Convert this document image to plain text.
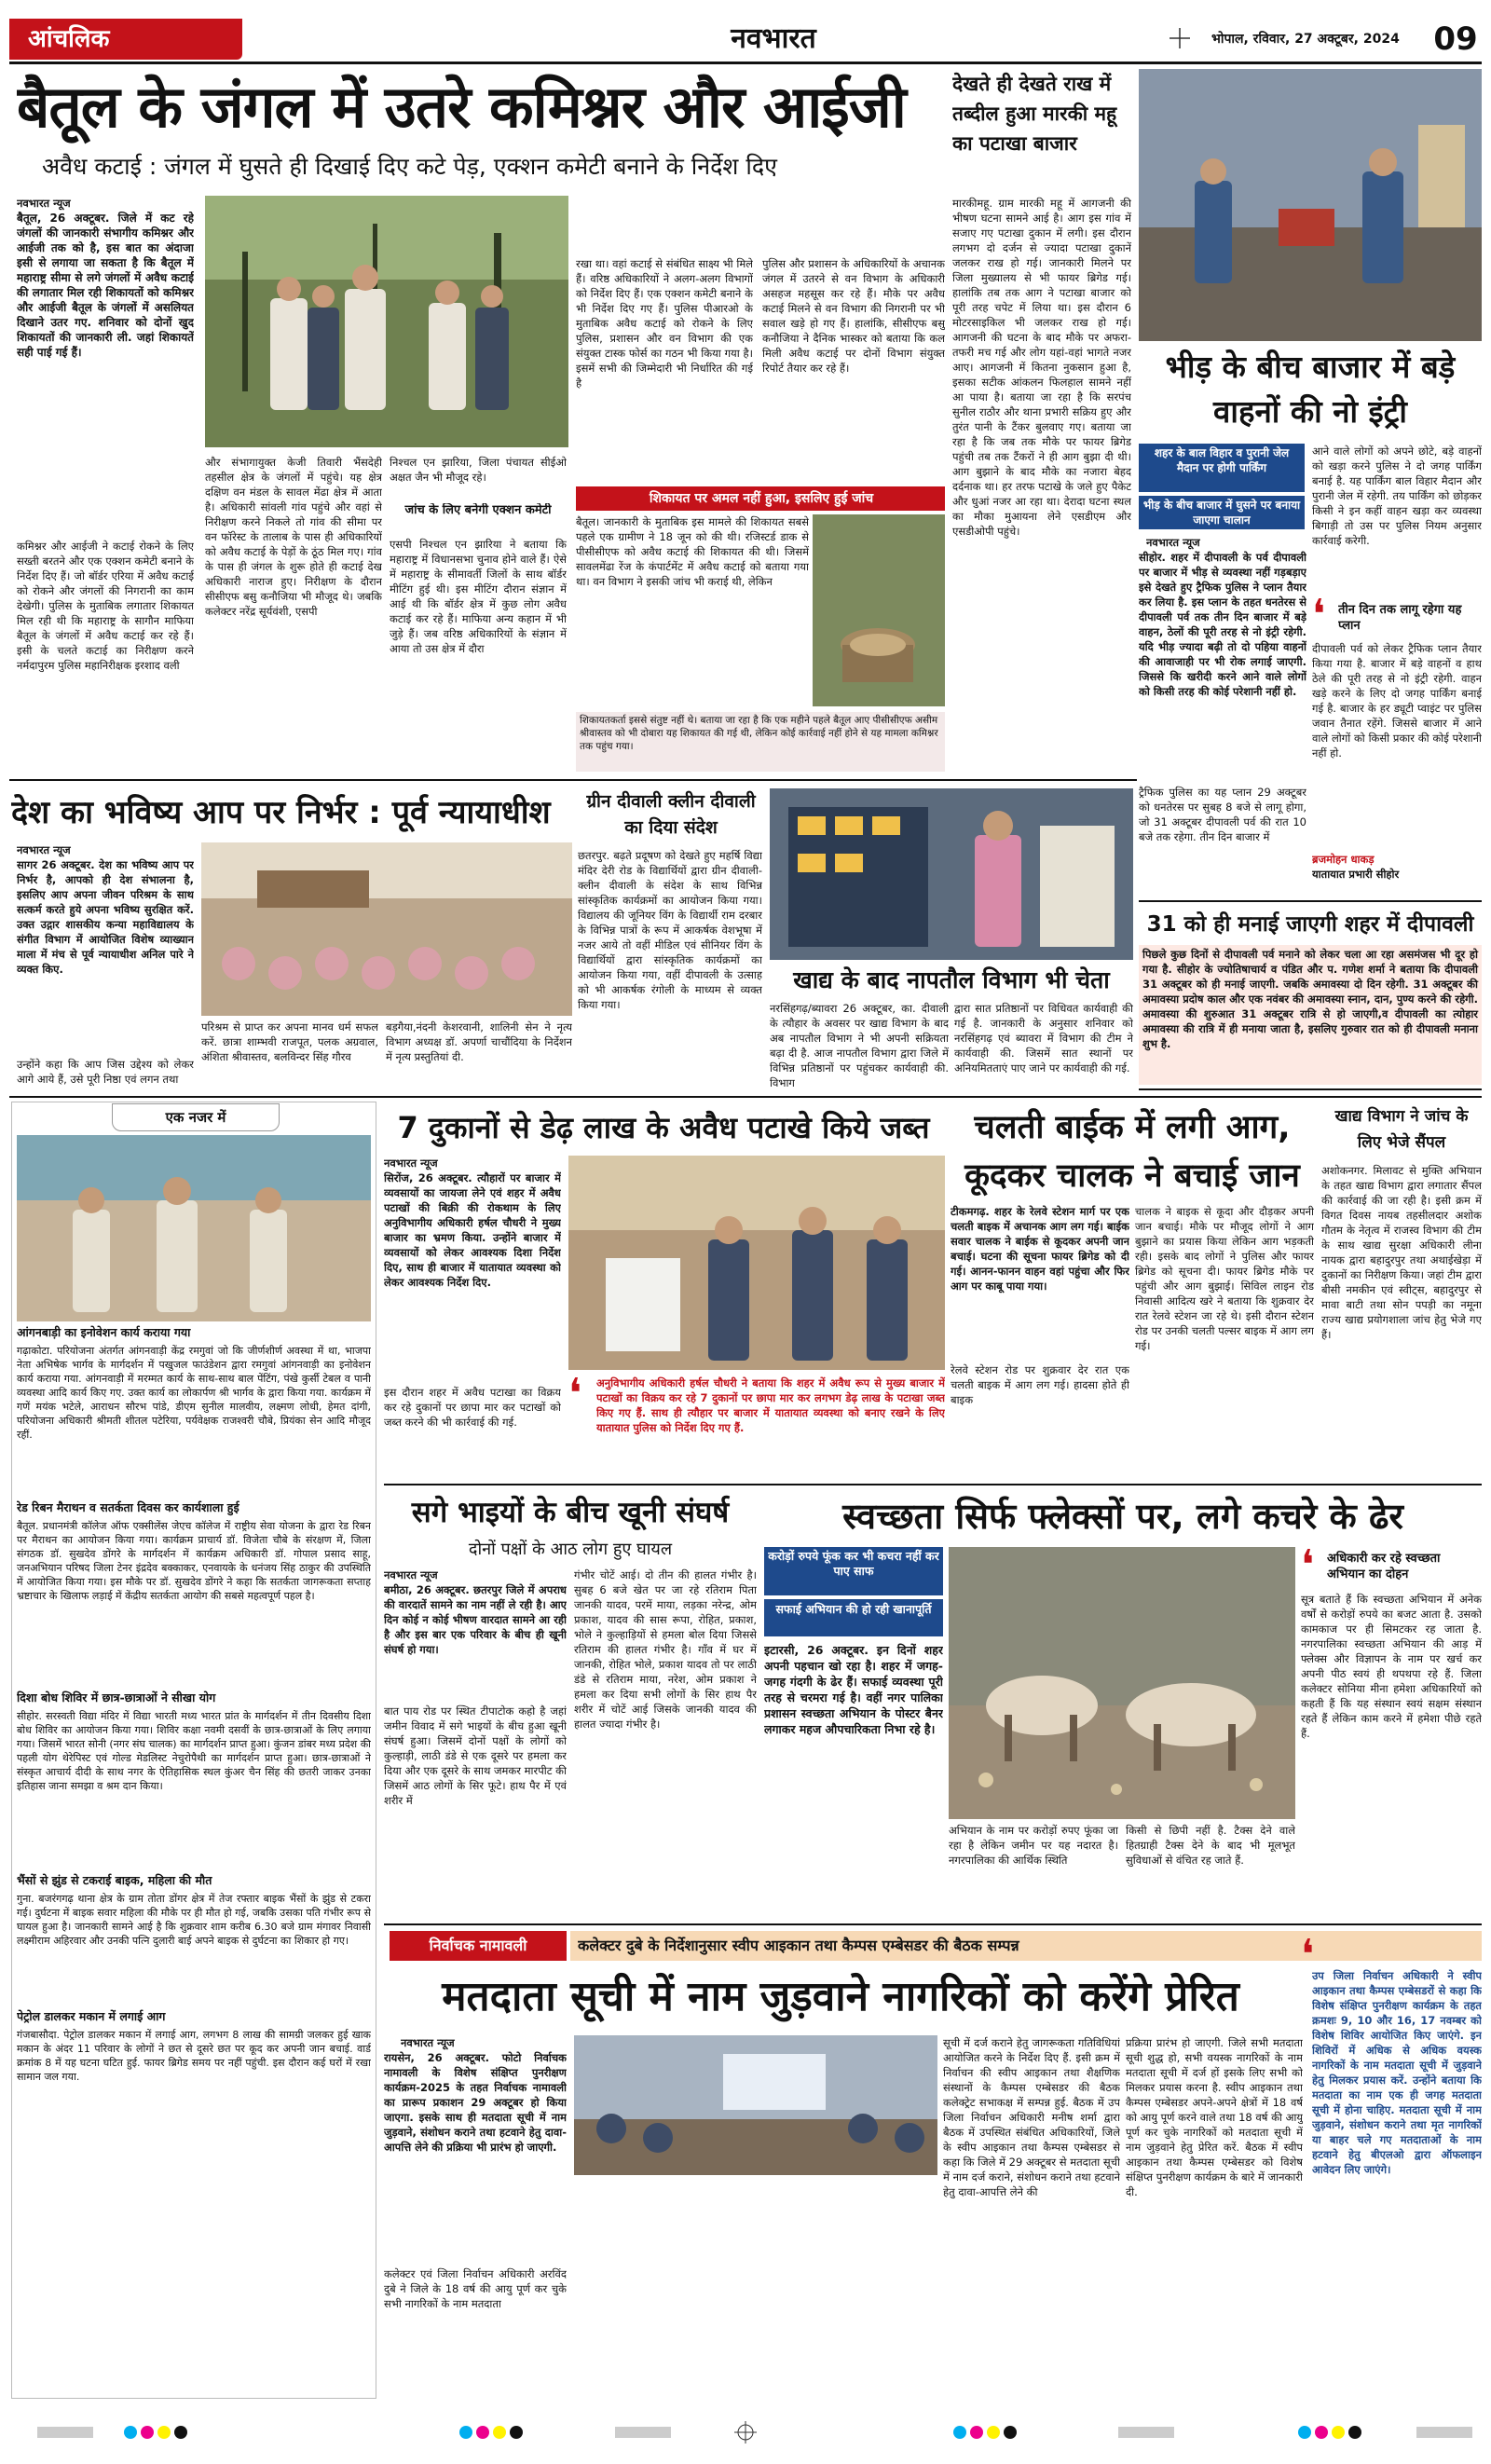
आंचलिक	नवभारत	भोपाल, रविवार, 27 अक्टूबर, 2024	09
बैतूल के जंगल में उतरे कमिश्नर और आईजी
अवैध कटाई : जंगल में घुसते ही दिखाई दिए कटे पेड़, एक्शन कमेटी बनाने के निर्देश दिए
नवभारत न्यूज
बैतूल, 26 अक्टूबर. जिले में कट रहे जंगलों की जानकारी संभागीय कमिश्नर और आईजी तक को है, इस बात का अंदाजा इसी से लगाया जा सकता है कि बैतूल में महाराष्ट्र सीमा से लगे जंगलों में अवैध कटाई की लगातार मिल रही शिकायतों को कमिश्नर और आईजी बैतूल के जंगलों में असलियत दिखाने उतर गए. शनिवार को दोनों खुद शिकायतों की जानकारी ली. जहां शिकायतें सही पाई गई हैं।
कमिश्नर और आईजी ने कटाई रोकने के लिए सख्ती बरतने और एक एक्शन कमेटी बनाने के निर्देश दिए हैं। जो बॉर्डर एरिया में अवैध कटाई को रोकने और जंगलों की निगरानी का काम देखेगी। पुलिस के मुताबिक लगातार शिकायत मिल रही थी कि महाराष्ट्र के सागौन माफिया बैतूल के जंगलों में अवैध कटाई कर रहे हैं। इसी के चलते कटाई का निरीक्षण करने नर्मदापुरम पुलिस महानिरीक्षक इरशाद वली
और संभागायुक्त केजी तिवारी भैंसदेही तहसील क्षेत्र के जंगलों में पहुंचे। यह क्षेत्र दक्षिण वन मंडल के सावल मेंढा क्षेत्र में आता है। अधिकारी सांवली गांव पहुंचे और वहां से निरीक्षण करने निकले तो गांव की सीमा पर वन फॉरेस्ट के तालाब के पास ही अधिकारियों को अवैध कटाई के पेड़ों के ठूंठ मिल गए। गांव के पास ही जंगल के शुरू होते ही कटाई देख अधिकारी नाराज हुए। निरीक्षण के दौरान सीसीएफ बसु कनौजिया भी मौजूद थे। जबकि कलेक्टर नरेंद्र सूर्यवंशी, एसपी
निश्चल एन झारिया, जिला पंचायत सीईओ अक्षत जैन भी मौजूद रहे।
जांच के लिए बनेगी एक्शन कमेटी
एसपी निश्चल एन झारिया ने बताया कि महाराष्ट्र में विधानसभा चुनाव होने वाले हैं। ऐसे में महाराष्ट्र के सीमावर्ती जिलों के साथ बॉर्डर मीटिंग हुई थी। इस मीटिंग दौरान संज्ञान में आई थी कि बॉर्डर क्षेत्र में कुछ लोग अवैध कटाई कर रहे हैं। माफिया अन्य कहान में भी जुड़े हैं। जब वरिष्ठ अधिकारियों के संज्ञान में आया तो उस क्षेत्र में दौरा
रखा था। वहां कटाई से संबंधित साक्ष्य भी मिले हैं। वरिष्ठ अधिकारियों ने अलग-अलग विभागों को निर्देश दिए हैं। एक एक्शन कमेटी बनाने के भी निर्देश दिए गए हैं। पुलिस पीआरओ के मुताबिक अवैध कटाई को रोकने के लिए पुलिस, प्रशासन और वन विभाग की एक संयुक्त टास्क फोर्स का गठन भी किया गया है। इसमें सभी की जिम्मेदारी भी निर्धारित की गई है
पुलिस और प्रशासन के अधिकारियों के अचानक जंगल में उतरने से वन विभाग के अधिकारी असहज महसूस कर रहे हैं। मौके पर अवैध कटाई मिलने से वन विभाग की निगरानी पर भी सवाल खड़े हो गए हैं। हालांकि, सीसीएफ बसु कनौजिया ने दैनिक भास्कर को बताया कि कल मिली अवैध कटाई पर दोनों विभाग संयुक्त रिपोर्ट तैयार कर रहे हैं।
शिकायत पर अमल नहीं हुआ, इसलिए हुई जांच
बैतूल। जानकारी के मुताबिक इस मामले की शिकायत सबसे पहले एक ग्रामीण ने 18 जून को की थी। रजिस्टर्ड डाक से पीसीसीएफ को अवैध कटाई की शिकायत की थी। जिसमें सावलमेंढा रेंज के कंपार्टमेंट में अवैध कटाई को बताया गया था। वन विभाग ने इसकी जांच भी कराई थी, लेकिन
शिकायतकर्ता इससे संतुष्ट नहीं थे। बताया जा रहा है कि एक महीने पहले बैतूल आए पीसीसीएफ असीम श्रीवास्तव को भी दोबारा यह शिकायत की गई थी, लेकिन कोई कार्रवाई नहीं होने से यह मामला कमिश्नर तक पहुंच गया।
देखते ही देखते राख में तब्दील हुआ मारकी महू का पटाखा बाजार
मारकीमहू. ग्राम मारकी महू में आगजनी की भीषण घटना सामने आई है। आग इस गांव में सजाए गए पटाखा दुकान में लगी। इस दौरान लगभग दो दर्जन से ज्यादा पटाखा दुकानें जलकर राख हो गई। जानकारी मिलने पर जिला मुख्यालय से भी फायर ब्रिगेड गई। हालांकि तब तक आग ने पटाखा बाजार को पूरी तरह चपेट में लिया था। इस दौरान 6 मोटरसाइकिल भी जलकर राख हो गई। आगजनी की घटना के बाद मौके पर अफरा-तफरी मच गई और लोग यहां-वहां भागते नजर आए। आगजनी में कितना नुकसान हुआ है, इसका सटीक आंकलन फिलहाल सामने नहीं आ पाया है। बताया जा रहा है कि सरपंच सुनील राठौर और थाना प्रभारी सक्रिय हुए और तुरंत पानी के टैंकर बुलवाए गए। बताया जा रहा है कि जब तक मौके पर फायर ब्रिगेड पहुंची तब तक टैंकरों ने ही आग बुझा दी थी। आग बुझाने के बाद मौके का नजारा बेहद दर्दनाक था। हर तरफ पटाखे के जले हुए पैकेट और धुआं नजर आ रहा था। देरादा घटना स्थल का मौका मुआयना लेने एसडीएम और एसडीओपी पहुंचे।
भीड़ के बीच बाजार में बड़े वाहनों की नो इंट्री
शहर के बाल विहार व पुरानी जेल मैदान पर होगी पार्किंग
भीड़ के बीच बाजार में घुसने पर बनाया जाएगा चालान
नवभारत न्यूज
सीहोर. शहर में दीपावली के पर्व दीपावली पर बाजार में भीड़ से व्यवस्था नहीं गड़बड़ाए इसे देखते हुए ट्रैफिक पुलिस ने प्लान तैयार कर लिया है. इस प्लान के तहत धनतेरस से दीपावली पर्व तक तीन दिन बाजार में बड़े वाहन, ठेलों की पूरी तरह से नो इंट्री रहेगी. यदि भीड़ ज्यादा बढ़ी तो दो पहिया वाहनों की आवाजाही पर भी रोक लगाई जाएगी. जिससे कि खरीदी करने आने वाले लोगों को किसी तरह की कोई परेशानी नहीं हो.
ट्रैफिक पुलिस का यह प्लान 29 अक्टूबर को धनतेरस पर सुबह 8 बजे से लागू होगा, जो 31 अक्टूबर दीपावली पर्व की रात 10 बजे तक रहेगा. तीन दिन बाजार में
आने वाले लोगों को अपने छोटे, बड़े वाहनों को खड़ा करने पुलिस ने दो जगह पार्किंग बनाई है. यह पार्किंग बाल विहार मैदान और पुरानी जेल में रहेगी. तय पार्किंग को छोड़कर किसी ने इन कहीं वाहन खड़ा कर व्यवस्था बिगाड़ी तो उस पर पुलिस नियम अनुसार कार्रवाई करेगी.
❛	तीन दिन तक लागू रहेगा यह प्लान
दीपावली पर्व को लेकर ट्रैफिक प्लान तैयार किया गया है. बाजार में बड़े वाहनों व हाथ ठेले की पूरी तरह से नो इंट्री रहेगी. वाहन खड़े करने के लिए दो जगह पार्किंग बनाई गई है. बाजार के हर ड्यूटी प्वाइंट पर पुलिस जवान तैनात रहेंगे. जिससे बाजार में आने वाले लोगों को किसी प्रकार की कोई परेशानी नहीं हो.
ब्रजमोहन धाकड़
यातायात प्रभारी सीहोर
31 को ही मनाई जाएगी शहर में दीपावली
पिछले कुछ दिनों से दीपावली पर्व मनाने को लेकर चला आ रहा असमंजस भी दूर हो गया है. सीहोर के ज्योतिषाचार्य व पंडित और प. गणेश शर्मा ने बताया कि दीपावली 31 अक्टूबर को ही मनाई जाएगी. जबकि अमावस्या दो दिन रहेगी. 31 अक्टूबर की अमावस्या प्रदोष काल और एक नवंबर की अमावस्या स्नान, दान, पुण्य करने की रहेगी. अमावस्या की शुरुआत 31 अक्टूबर रात्रि से हो जाएगी,व दीपावली का त्योहार अमावस्या की रात्रि में ही मनाया जाता है, इसलिए गुरुवार रात को ही दीपावली मनाना शुभ है.
देश का भविष्य आप पर निर्भर : पूर्व न्यायाधीश
नवभारत न्यूज
सागर 26 अक्टूबर. देश का भविष्य आप पर निर्भर है, आपको ही देश संभालना है, इसलिए आप अपना जीवन परिश्रम के साथ सत्कर्म करते हुये अपना भविष्य सुरक्षित करें. उक्त उद्गार शासकीय कन्या महाविद्यालय के संगीत विभाग में आयोजित विशेष व्याख्यान माला में मंच से पूर्व न्यायाधीश अनिल पारे ने व्यक्त किए.
उन्होंने कहा कि आप जिस उद्देश्य को लेकर आगे आये हैं, उसे पूरी निष्ठा एवं लगन तथा
परिश्रम से प्राप्त कर अपना मानव धर्म सफल करें. छात्रा शाम्भवी राजपूत, पलक अग्रवाल, अंशिता श्रीवास्तव, बलविन्दर सिंह गौरव
बड़गैया,नंदनी केशरवानी, शालिनी सेन ने नृत्य विभाग अध्यक्ष डॉ. अपर्णा चाचौंदिया के निर्देशन में नृत्य प्रस्तुतियां दी.
ग्रीन दीवाली क्लीन दीवाली का दिया संदेश
छतरपुर. बढ़ते प्रदूषण को देखते हुए महर्षि विद्या मंदिर देरी रोड के विद्यार्थियों द्वारा ग्रीन दीवाली-क्लीन दीवाली के संदेश के साथ विभिन्न सांस्कृतिक कार्यक्रमों का आयोजन किया गया। विद्यालय की जूनियर विंग के विद्यार्थी राम दरबार के विभिन्न पात्रों के रूप में आकर्षक वेशभूषा में नजर आये तो वहीं मीडिल एवं सीनियर विंग के विद्यार्थियों द्वारा सांस्कृतिक कार्यक्रमों का आयोजन किया गया, वहीं दीपावली के उत्साह को भी आकर्षक रंगोली के माध्यम से व्यक्त किया गया।
खाद्य के बाद नापतौल विभाग भी चेता
नरसिंहगढ़/ब्यावरा 26 अक्टूबर, का. दीवाली के त्यौहार के अवसर पर खाद्य विभाग के बाद अब नापतौल विभाग ने भी अपनी सक्रियता बढ़ा दी है. आज नापतौल विभाग द्वारा जिले में विभिन्न प्रतिष्ठानों पर पहुंचकर कार्यवाही की. विभाग
द्वारा सात प्रतिष्ठानों पर विधिवत कार्यवाही की गई है. जानकारी के अनुसार शनिवार को नरसिंहगढ़ एवं ब्यावरा में विभाग की टीम ने कार्यवाही की. जिसमें सात स्थानों पर अनियमितताएं पाए जाने पर कार्यवाही की गई.
एक नजर में
आंगनबाड़ी का इनोवेशन कार्य कराया गया
गढ़ाकोटा. परियोजना अंतर्गत आंगनवाड़ी केंद्र रमगुवां जो कि जीर्णशीर्ण अवस्था में था, भाजपा नेता अभिषेक भार्गव के मार्गदर्शन में पखुजल फाउंडेशन द्वारा रमगुवां आंगनवाड़ी का इनोवेशन कार्य कराया गया. आंगनवाड़ी में मरम्मत कार्य के साथ-साथ बाल पेंटिंग, पंखे कुर्सी टेबल व पानी व्यवस्था आदि कार्य किए गए. उक्त कार्य का लोकार्पण श्री भार्गव के द्वारा किया गया. कार्यक्रम में गणें मयंक भटेले, आराधन सौरभ पांडे, डीएम सुनील मालवीय, लक्ष्मण लोधी, हेमत दांगी, परियोजना अधिकारी श्रीमती शीतल पटेरिया, पर्यवेक्षक राजश्वरी चौबे, प्रियंका सेन आदि मौजूद रहीं.
रेड रिबन मैराथन व सतर्कता दिवस कर कार्यशाला हुई
बैतूल. प्रधानमंत्री कॉलेज ऑफ एक्सीलेंस जेएच कॉलेज में राष्ट्रीय सेवा योजना के द्वारा रेड रिबन पर मैराथन का आयोजन किया गया। कार्यक्रम प्राचार्य डॉ. विजेता चौबे के संरक्षण में, जिला संगठक डॉ. सुखदेव डोंगरे के मार्गदर्शन में कार्यक्रम अधिकारी डॉ. गोपाल प्रसाद साहू, जनअभियान परिषद जिला टेनर इंद्रदेव बक्काकर, एनवायके के धनंजय सिंह ठाकुर की उपस्थिति में आयोजित किया गया। इस मौके पर डॉ. सुखदेव डोंगरे ने कहा कि सतर्कता जागरूकता सप्ताह भ्रष्टाचार के खिलाफ लड़ाई में केंद्रीय सतर्कता आयोग की सबसे महत्वपूर्ण पहल है।
दिशा बोध शिविर में छात्र-छात्राओं ने सीखा योग
सीहोर. सरस्वती विद्या मंदिर में विद्या भारती मध्य भारत प्रांत के मार्गदर्शन में तीन दिवसीय दिशा बोध शिविर का आयोजन किया गया। शिविर कक्षा नवमी दसवीं के छात्र-छात्राओं के लिए लगाया गया। जिसमें भारत सोनी (नगर संघ चालक) का मार्गदर्शन प्राप्त हुआ। कुंजन डांबर मध्य प्रदेश की पहली योग थेरेपिस्ट एवं गोल्ड मेडलिस्ट नेचुरोपैथी का मार्गदर्शन प्राप्त हुआ। छात्र-छात्राओं ने संस्कृत आचार्य दीदी के साथ नगर के ऐतिहासिक स्थल कुंअर चैन सिंह की छतरी जाकर उनका इतिहास जाना समझा व श्रम दान किया।
भैंसों से झुंड से टकराई बाइक, महिला की मौत
गुना. बजरंगगढ़ थाना क्षेत्र के ग्राम तोता डोंगर क्षेत्र में तेज रफ्तार बाइक भैंसों के झुंड से टकरा गई। दुर्घटना में बाइक सवार महिला की मौके पर ही मौत हो गई, जबकि उसका पति गंभीर रूप से घायल हुआ है। जानकारी सामने आई है कि शुक्रवार शाम करीब 6.30 बजे ग्राम मंगावर निवासी लक्ष्मीराम अहिरवार और उनकी पत्नि दुलारी बाई अपने बाइक से दुर्घटना का शिकार हो गए।
पेट्रोल डालकर मकान में लगाई आग
गंजबासौदा. पेट्रोल डालकर मकान में लगाई आग, लगभग 8 लाख की सामग्री जलकर हुई खाक मकान के अंदर 11 परिवार के लोगों ने छत से दूसरे छत पर कूद कर अपनी जान बचाई. वार्ड क्रमांक 8 में यह घटना घटित हुई. फायर ब्रिगेड समय पर नहीं पहुंची. इस दौरान कई घरों में रखा सामान जल गया.
7 दुकानों से डेढ़ लाख के अवैध पटाखे किये जब्त
नवभारत न्यूज
सिरोंज, 26 अक्टूबर. त्यौहारों पर बाजार में व्यवसायों का जायजा लेने एवं शहर में अवैध पटाखों की बिक्री की रोकथाम के लिए अनुविभागीय अधिकारी हर्षल चौधरी ने मुख्य बाजार का भ्रमण किया. उन्होंने बाजार में व्यवसायों को लेकर आवश्यक दिशा निर्देश दिए, साथ ही बाजार में यातायात व्यवस्था को लेकर आवश्यक निर्देश दिए.
इस दौरान शहर में अवैध पटाखा का विक्रय कर रहे दुकानों पर छापा मार कर पटाखों को जब्त करने की भी कार्रवाई की गई.
❛	अनुविभागीय अधिकारी हर्षल चौधरी ने बताया कि शहर में अवैध रूप से मुख्य बाजार में पटाखों का विक्रय कर रहे 7 दुकानों पर छापा मार कर लगभग डेढ़ लाख के पटाखा जब्त किए गए हैं. साथ ही त्यौहार पर बाजार में यातायात व्यवस्था को बनाए रखने के लिए यातायात पुलिस को निर्देश दिए गए हैं.
चलती बाईक में लगी आग, कूदकर चालक ने बचाई जान
टीकमगढ़. शहर के रेलवे स्टेशन मार्ग पर एक चलती बाइक में अचानक आग लग गई। बाईक सवार चालक ने बाईक से कूदकर अपनी जान बचाई। घटना की सूचना फायर ब्रिगेड को दी गई। आनन-फानन वाहन वहां पहुंचा और फिर आग पर काबू पाया गया।
रेलवे स्टेशन रोड पर शुक्रवार देर रात एक चलती बाइक में आग लग गई। हादसा होते ही बाइक
चालक ने बाइक से कूदा और दौड़कर अपनी जान बचाई। मौके पर मौजूद लोगों ने आग बुझाने का प्रयास किया लेकिन आग भड़कती रही। इसके बाद लोगों ने पुलिस और फायर ब्रिगेड को सूचना दी। फायर ब्रिगेड मौके पर पहुंची और आग बुझाई। सिविल लाइन रोड निवासी आदित्य खरे ने बताया कि शुक्रवार देर रात रेलवे स्टेशन जा रहे थे। इसी दौरान स्टेशन रोड पर उनकी चलती पल्सर बाइक में आग लग गई।
खाद्य विभाग ने जांच के लिए भेजे सैंपल
अशोकनगर. मिलावट से मुक्ति अभियान के तहत खाद्य विभाग द्वारा लगातार सैंपल की कार्रवाई की जा रही है। इसी क्रम में विगत दिवस नायब तहसीलदार अशोक गौतम के नेतृत्व में राजस्व विभाग की टीम के साथ खाद्य सुरक्षा अधिकारी लीना नायक द्वारा बहादुरपुर तथा अथाईखेड़ा में दुकानों का निरीक्षण किया। जहां टीम द्वारा बीसी नमकीन एवं स्वीट्स, बहादुरपुर से मावा बाटी तथा सोन पपड़ी का नमूना राज्य खाद्य प्रयोगशाला जांच हेतु भेजे गए हैं।
सगे भाइयों के बीच खूनी संघर्ष
दोनों पक्षों के आठ लोग हुए घायल
नवभारत न्यूज
बमीठा, 26 अक्टूबर. छतरपुर जिले में अपराध की वारदातें सामने का नाम नहीं ले रही है। आए दिन कोई न कोई भीषण वारदात सामने आ रही है और इस बार एक परिवार के बीच ही खूनी संघर्ष हो गया।
बात पाय रोड पर स्थित टीपाटोक कहो है जहां जमीन विवाद में सगे भाइयों के बीच हुआ खूनी संघर्ष हुआ। जिसमें दोनों पक्षों के लोगों को कुल्हाड़ी, लाठी डंडे से एक दूसरे पर हमला कर दिया और एक दूसरे के साथ जमकर मारपीट की जिसमें आठ लोगों के सिर फूटे। हाथ पैर में एवं शरीर में
गंभीर चोटें आई। दो तीन की हालत गंभीर है। सुबह 6 बजे खेत पर जा रहे रतिराम पिता जानकी यादव, परमें माया, लड़का नरेन्द्र, ओम प्रकाश, यादव की सास रूपा, रोहित, प्रकाश, भोले ने कुल्हाड़ियों से हमला बोल दिया जिससे रतिराम की हालत गंभीर है। गाँव में घर में जानकी, रोहित भोले, प्रकाश यादव तो पर लाठी डंडे से रतिराम माया, नरेश, ओम प्रकाश ने हमला कर दिया सभी लोगों के सिर हाथ पैर शरीर में चोटें आई जिसके जानकी यादव की हालत ज्यादा गंभीर है।
स्वच्छता सिर्फ फ्लेक्सों पर, लगे कचरे के ढेर
करोड़ों रुपये फूंक कर भी कचरा नहीं कर पाए साफ
सफाई अभियान की हो रही खानापूर्ति
इटारसी, 26 अक्टूबर. इन दिनों शहर अपनी पहचान खो रहा है। शहर में जगह-जगह गंदगी के ढेर हैं। सफाई व्यवस्था पूरी तरह से चरमरा गई है। वहीं नगर पालिका प्रशासन स्वच्छता अभियान के पोस्टर बैनर लगाकर महज औपचारिकता निभा रहे है।
अभियान के नाम पर करोड़ों रुपए फूंका जा रहा है लेकिन जमीन पर यह नदारत है। नगरपालिका की आर्थिक स्थिति
किसी से छिपी नहीं है. टैक्स देने वाले हितग्राही टैक्स देने के बाद भी मूलभूत सुविधाओं से वंचित रह जाते हैं.
❛	अधिकारी कर रहे स्वच्छता अभियान का दोहन
सूत्र बताते हैं कि स्वच्छता अभियान में अनेक वर्षों से करोड़ों रुपये का बजट आता है. उसको कामकाज पर ही सिमटकर रह जाता है. नगरपालिका स्वच्छता अभियान की आड़ में फ्लेक्स और विज्ञापन के नाम पर खर्च कर अपनी पीठ स्वयं ही थपथपा रहे हैं. जिला कलेक्टर सोनिया मीना हमेशा अधिकारियों को कहती हैं कि यह संस्थान स्वयं सक्षम संस्थान रहते हैं लेकिन काम करने में हमेशा पीछे रहते हैं.
निर्वाचक नामावली	कलेक्टर दुबे के निर्देशानुसार स्वीप आइकान तथा कैम्पस एम्बेसडर की बैठक सम्पन्न
मतदाता सूची में नाम जुड़वाने नागरिकों को करेंगे प्रेरित
नवभारत न्यूज
रायसेन, 26 अक्टूबर. फोटो निर्वाचक नामावली के विशेष संक्षिप्त पुनरीक्षण कार्यक्रम-2025 के तहत निर्वाचक नामावली का प्रारूप प्रकाशन 29 अक्टूबर हो किया जाएगा. इसके साथ ही मतदाता सूची में नाम जुड़वाने, संशोधन कराने तथा हटवाने हेतु दावा-आपत्ति लेने की प्रक्रिया भी प्रारंभ हो जाएगी.
कलेक्टर एवं जिला निर्वाचन अधिकारी अरविंद दुबे ने जिले के 18 वर्ष की आयु पूर्ण कर चुके सभी नागरिकों के नाम मतदाता
सूची में दर्ज कराने हेतु जागरूकता गतिविधियां आयोजित करने के निर्देश दिए हैं. इसी क्रम में निर्वाचन की स्वीप आइकान तथा शैक्षणिक संस्थानों के कैम्पस एम्बेसडर की बैठक कलेक्ट्रेट सभाकक्ष में सम्पन्न हुई. बैठक में उप जिला निर्वाचन अधिकारी मनीष शर्मा द्वारा बैठक में उपस्थित संबंधित अधिकारियों, जिले के स्वीप आइकान तथा कैम्पस एम्बेसडर से कहा कि जिले में 29 अक्टूबर से मतदाता सूची में नाम दर्ज कराने, संशोधन कराने तथा हटवाने हेतु दावा-आपत्ति लेने की
प्रक्रिया प्रारंभ हो जाएगी. जिले सभी मतदाता सूची शुद्ध हो, सभी वयस्क नागरिकों के नाम मतदाता सूची में दर्ज हों इसके लिए सभी को मिलकर प्रयास करना है. स्वीप आइकान तथा कैम्पस एम्बेसडर अपने-अपने क्षेत्रों में 18 वर्ष को आयु पूर्ण करने वाले तथा 18 वर्ष की आयु पूर्ण कर चुके नागरिकों को मतदाता सूची में नाम जुड़वाने हेतु प्रेरित करें. बैठक में स्वीप आइकान तथा कैम्पस एम्बेसडर को विशेष संक्षिप्त पुनरीक्षण कार्यक्रम के बारे में जानकारी दी.
❛
उप जिला निर्वाचन अधिकारी ने स्वीप आइकान तथा कैम्पस एम्बेसडरों से कहा कि विशेष संक्षिप्त पुनरीक्षण कार्यक्रम के तहत क्रमशः 9, 10 और 16, 17 नवम्बर को विशेष शिविर आयोजित किए जाएंगे. इन शिविरों में अधिक से अधिक वयस्क नागरिकों के नाम मतदाता सूची में जुड़वाने हेतु मिलकर प्रयास करें. उन्होंने बताया कि मतदाता का नाम एक ही जगह मतदाता सूची में होना चाहिए. मतदाता सूची में नाम जुड़वाने, संशोधन कराने तथा मृत नागरिकों या बाहर चले गए मतदाताओं के नाम हटवाने हेतु बीएलओ द्वारा ऑफलाइन आवेदन लिए जाएंगे।
